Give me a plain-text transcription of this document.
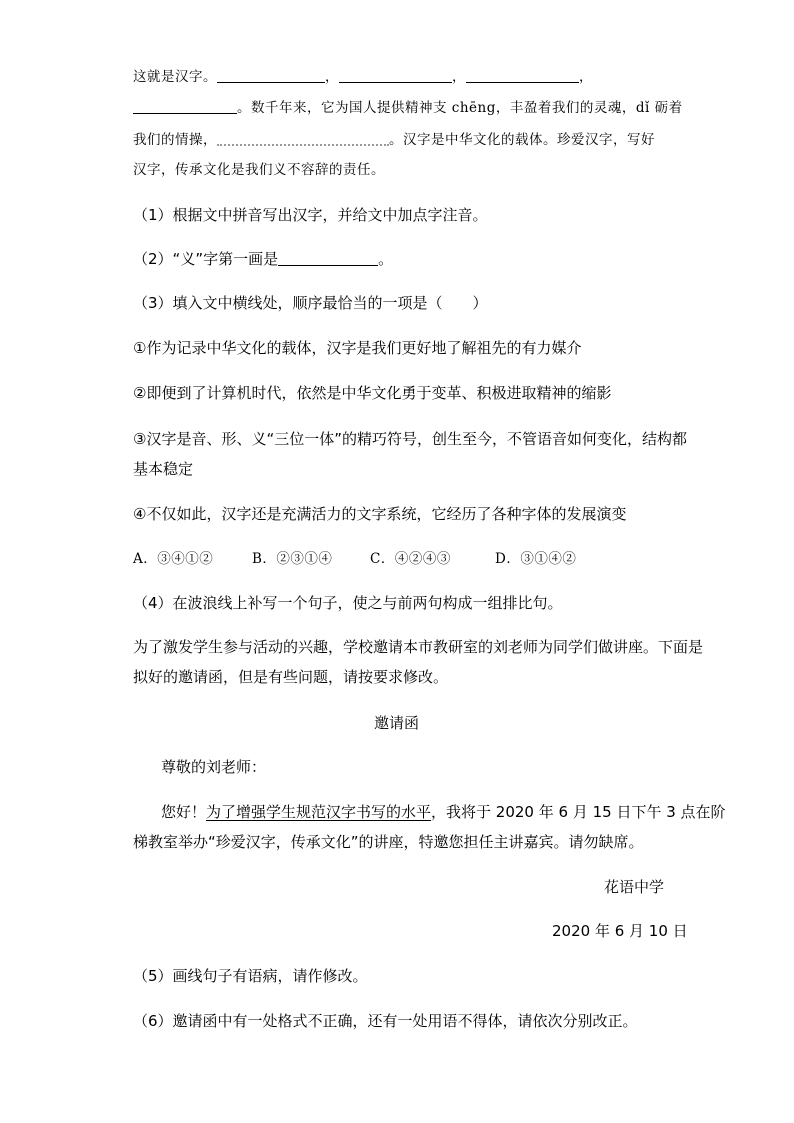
这就是汉字。	，	，	，
。数千年来，它为国人提供精神支 chēng，丰盈着我们的灵魂，dǐ 砺着
我们的情操，	。汉字是中华文化的载体。珍爱汉字，写好
汉字，传承文化是我们义不容辞的责任。
（1）根据文中拼音写出汉字，并给文中加点字注音。
（2）“义”字第一画是	。
（3）填入文中横线处，顺序最恰当的一项是（　　）
①作为记录中华文化的载体，汉字是我们更好地了解祖先的有力媒介
②即便到了计算机时代，依然是中华文化勇于变革、积极进取精神的缩影
③汉字是音、形、义“三位一体”的精巧符号，创生至今，不管语音如何变化，结构都
基本稳定
④不仅如此，汉字还是充满活力的文字系统，它经历了各种字体的发展演变
A．③④①②	B．②③①④	C．④②④③	D．③①④②
（4）在波浪线上补写一个句子，使之与前两句构成一组排比句。
为了激发学生参与活动的兴趣，学校邀请本市教研室的刘老师为同学们做讲座。下面是
拟好的邀请函，但是有些问题，请按要求修改。
邀请函
尊敬的刘老师：
您好！为了增强学生规范汉字书写的水平，我将于 2020 年 6 月 15 日下午 3 点在阶
梯教室举办“珍爱汉字，传承文化”的讲座，特邀您担任主讲嘉宾。请勿缺席。
花语中学
2020 年 6 月 10 日
（5）画线句子有语病，请作修改。
（6）邀请函中有一处格式不正确，还有一处用语不得体，请依次分别改正。
